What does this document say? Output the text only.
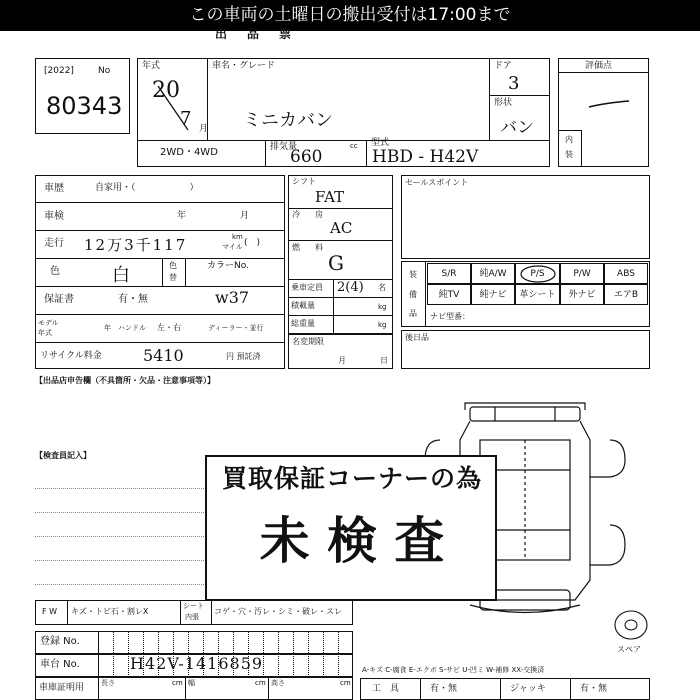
この車両の土曜日の搬出受付は17:00まで
出　品　票
[2022]	No
80343
年式
20
7 月
車名・グレード
ミニカバン
ドア
3
形状
バン
2WD・4WD	排気量
660
cc 型式
HBD - H42V
評価点
内
装
車歴	自家用・（　　　　　　）
車検	年	月
走行 12万3千117	km
マイル (　)
色	白	色
替
カラーNo.
保証書	有・無	w37
モデル
年式
年 ハンドル 左・右	ディーラー・並行
リサイクル料金	5410	円 預託済
シフト
FAT
冷 房
AC
燃 料
G
乗車定員 2(4) 名
積載量	kg
総重量	kg
名変期限
月	日
セールスポイント
装
備
品
S/R	純A/W	P/S	P/W	ABS
純TV	純ナビ	革シート	外ナビ	エアB
ナビ型番：
後日品
【出品店申告欄（不具箇所・欠品・注意事項等）】
【検査員記入】
買取保証コーナーの為
未 検 査
F W キズ・トビ石・割レX
シート
内張
コゲ・穴・汚レ・シミ・破レ・スレ
登録 No.
車台 No.	H42V-1416859
車庫証明用 長さ	cm 幅	cm 高さ	cm
スペア
A-キズ C-腐食 E-エクボ S-サビ U-凹ミ W-補修 XX-交換済
工　具	有・無	ジャッキ	有・無
